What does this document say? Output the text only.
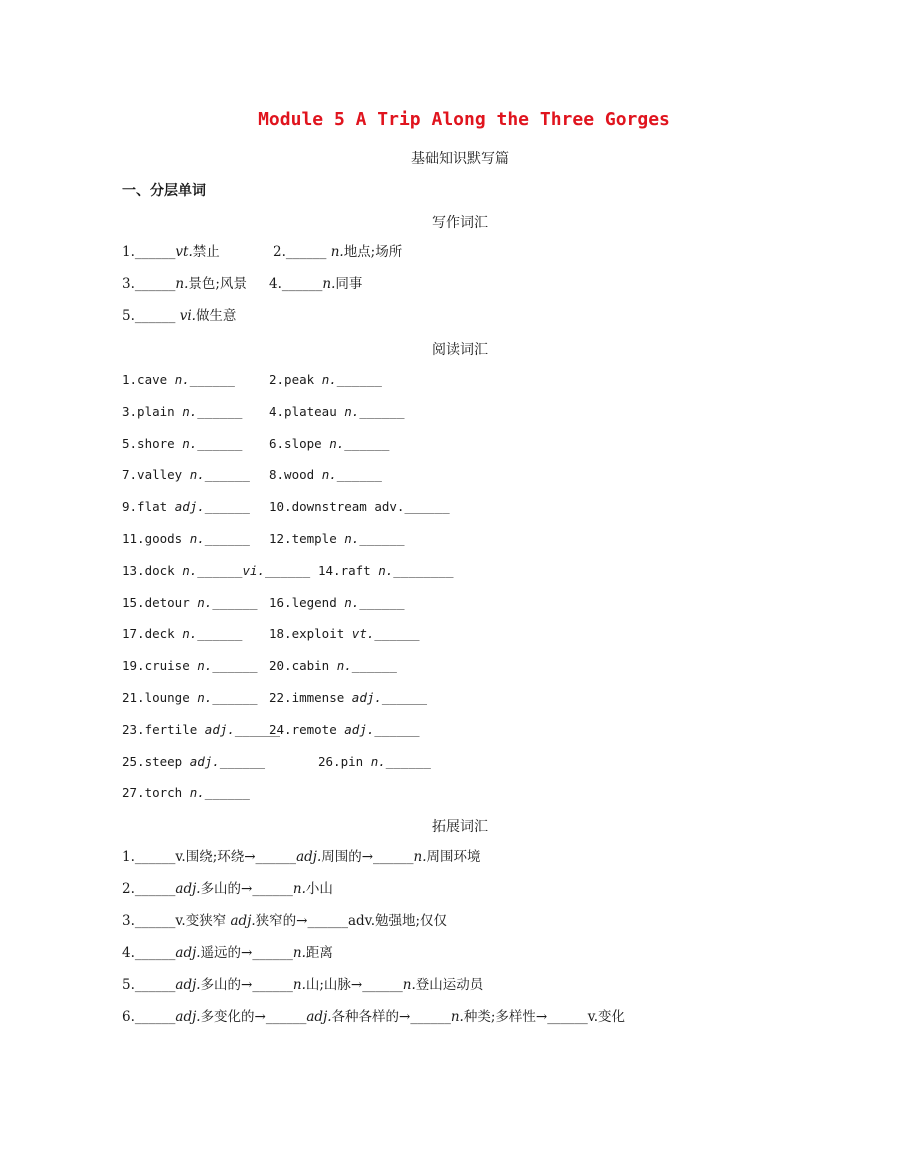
Module 5 A Trip Along the Three Gorges
基础知识默写篇
一、分层单词
写作词汇
1.______vt.禁止	2.______ n.地点;场所
3.______n.景色;风景 4.______n.同事
5.______ vi.做生意
阅读词汇
1.cave n.______	2.peak n.______
3.plain n.______ 4.plateau n.______
5.shore n.______ 6.slope n.______
7.valley n.______ 8.wood n.______
9.flat adj.______ 10.downstream adv.______
11.goods n.______ 12.temple n.______
13.dock n.______vi.______ 14.raft n.________
15.detour n.______ 16.legend n.______
17.deck n.______ 18.exploit vt.______
19.cruise n.______ 20.cabin n.______
21.lounge n.______ 22.immense adj.______
23.fertile adj.______
24.remote adj.______
25.steep adj.______	26.pin n.______
27.torch n.______
拓展词汇
1.______v.围绕;环绕→______adj.周围的→______n.周围环境
2.______adj.多山的→______n.小山
3.______v.变狭窄 adj.狭窄的→______adv.勉强地;仅仅
4.______adj.遥远的→______n.距离
5.______adj.多山的→______n.山;山脉→______n.登山运动员
6.______adj.多变化的→______adj.各种各样的→______n.种类;多样性→______v.变化
